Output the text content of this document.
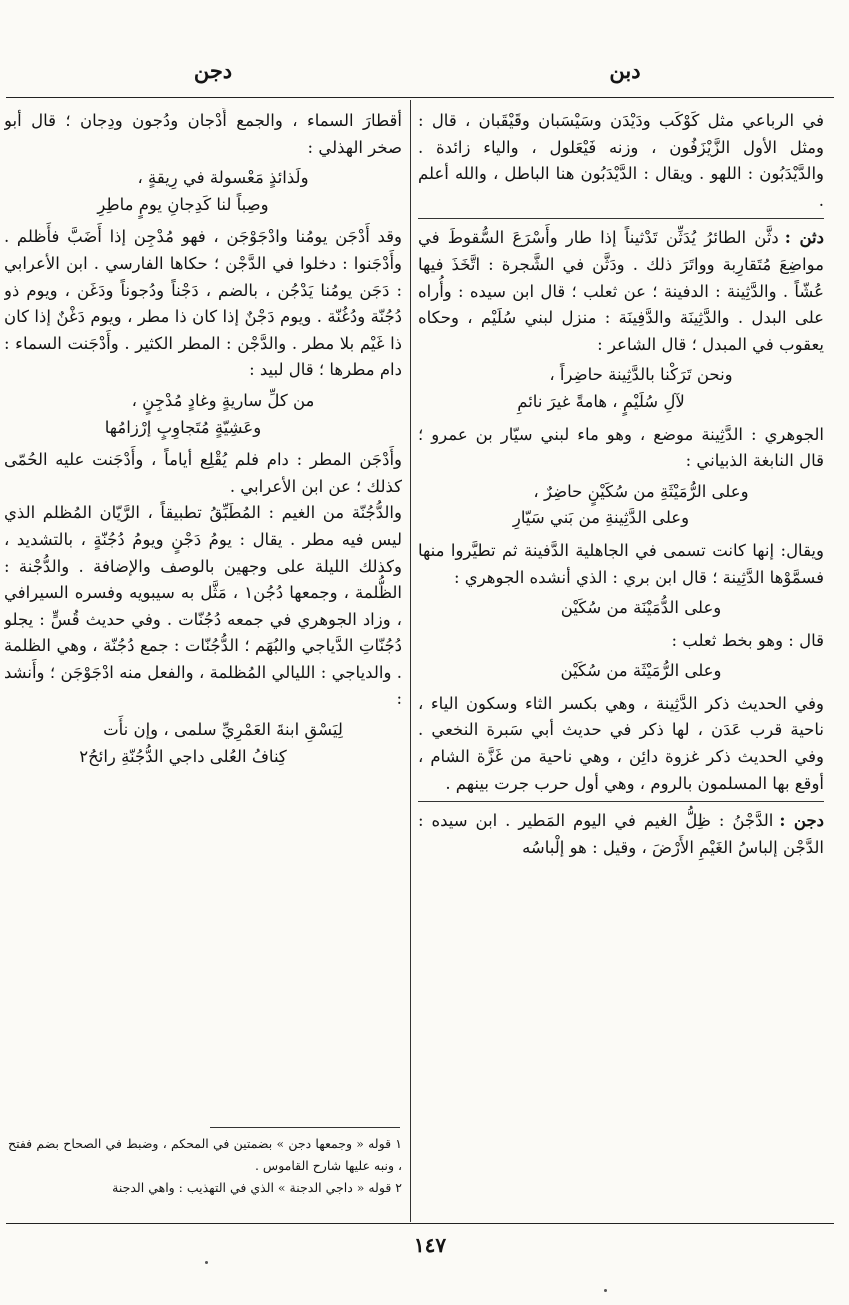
دبن
دجن

في الرباعي مثل كَوْكَب ودَيْدَن وسَيْسَبان وقَيْقَبان ، قال : ومثل الأول الزَّيْزَفُون ، وزنه فَيْعَلول ، والياء زائدة . والدَّيْدَبُون : اللهو . ويقال : الدَّيْدَبُون هنا الباطل ، والله أعلم .

دثن :دثَّن الطائرُ يُدَثِّن تَدْثيناً إذا طار وأَسْرَعَ السُّقوطَ في مواضِعَ مُتَقارِبة وواتَرَ ذلك . ودَثَّن في الشَّجرة : اتَّخَذَ فيها عُشّاً . والدَّثِينة : الدفينة ؛ عن ثعلب ؛ قال ابن سيده : وأُراه على البدل . والدَّثِينَة والدَّفِينَة : منزل لبني سُلَيْم ، وحكاه يعقوب في المبدل ؛ قال الشاعر :

ونحن تَرَكْنا بالدَّثِينة حاضِراً ،
لآلِ سُلَيْمٍ ، هامةً غيرَ نائمِ

الجوهري : الدَّثِينة موضع ، وهو ماء لبني سيّار بن عمرو ؛ قال النابغة الذبياني :

وعلى الرُّمَيْثَةِ من سُكَيْنٍ حاضِرٌ ،
وعلى الدَّثِينةِ من بَني سَيّارِ

ويقال: إنها كانت تسمى في الجاهلية الدَّفينة ثم تطيَّروا منها فسمَّوْها الدَّثِينة ؛ قال ابن بري : الذي أنشده الجوهري :

وعلى الدُّمَيْنَة من سُكَيْن

قال : وهو بخط ثعلب :

وعلى الرُّمَيْثَة من سُكَيْن

وفي الحديث ذكر الدَّثِينة ، وهي بكسر الثاء وسكون الياء ، ناحية قرب عَدَن ، لها ذكر في حديث أبي سَبرة النخعي . وفي الحديث ذكر غزوة دائِن ، وهي ناحية من غَزَّة الشام ، أوقع بها المسلمون بالروم ، وهي أول حرب جرت بينهم .

دجن :الدَّجْنُ : ظِلُّ الغيم في اليوم المَطير . ابن سيده : الدَّجْن إلباسُ الغَيْمِ الأَرْضَ ، وقيل : هو إلْباسُه

أقطارَ السماء ، والجمع أَدْجان ودُجون ودِجان ؛ قال أبو صخر الهذلي :

ولَذائذٍ مَعْسولة في رِيقةٍ ،
وصِباً لنا كَدِجانِ يومٍ ماطِرِ

وقد أَدْجَن يومُنا وادْجَوْجَن ، فهو مُدْجِن إذا أَضَبَّ فأَظلم . وأَدْجَنوا : دخلوا في الدَّجْن ؛ حكاها الفارسي . ابن الأعرابي : دَجَن يومُنا يَدْجُن ، بالضم ، دَجْناً ودُجوناً ودَغَن ، ويوم ذو دُجُنّة ودُغُنّة . ويوم دَجْنٌ إذا كان ذا مطر ، ويوم دَغْنٌ إذا كان ذا غَيْم بلا مطر . والدَّجْن : المطر الكثير . وأَدْجَنت السماء : دام مطرها ؛ قال لبيد :

من كلِّ ساريةٍ وغادٍ مُدْجِنٍ ،
وعَشِيّةٍ مُتَجاوِبٍ إرْزامُها

وأَدْجَن المطر : دام فلم يُقْلِع أياماً ، وأَدْجَنت عليه الحُمّى كذلك ؛ عن ابن الأعرابي .

والدُّجُنّة من الغيم : المُطَبِّقُ تطبيقاً ، الرَّيّان المُظلم الذي ليس فيه مطر . يقال : يومُ دَجْنٍ ويومُ دُجُنّةٍ ، بالتشديد ، وكذلك الليلة على وجهين بالوصف والإضافة . والدُّجْنة : الظُّلمة ، وجمعها دُجُن١ ، مَثَّل به سيبويه وفسره السيرافي ، وزاد الجوهري في جمعه دُجُنّات . وفي حديث قُسٍّ : يجلو دُجُنّاتِ الدَّياجي والبُهَم ؛ الدُّجُنّات : جمع دُجُنّة ، وهي الظلمة . والدياجي : الليالي المُظلمة ، والفعل منه ادْجَوْجَن ؛ وأَنشد :

لِيَسْقِ ابنةَ العَمْرِيِّ سلمى ، وإن نأَت
كِنافُ العُلى داجي الدُّجُنّةِ رائحُ٢

١ قوله « وجمعها دجن » بضمتين في المحكم ، وضبط في الصحاح بضم ففتح ، ونبه عليها شارح القاموس .

٢ قوله « داجي الدجنة » الذي في التهذيب : واهي الدجنة

١٤٧
